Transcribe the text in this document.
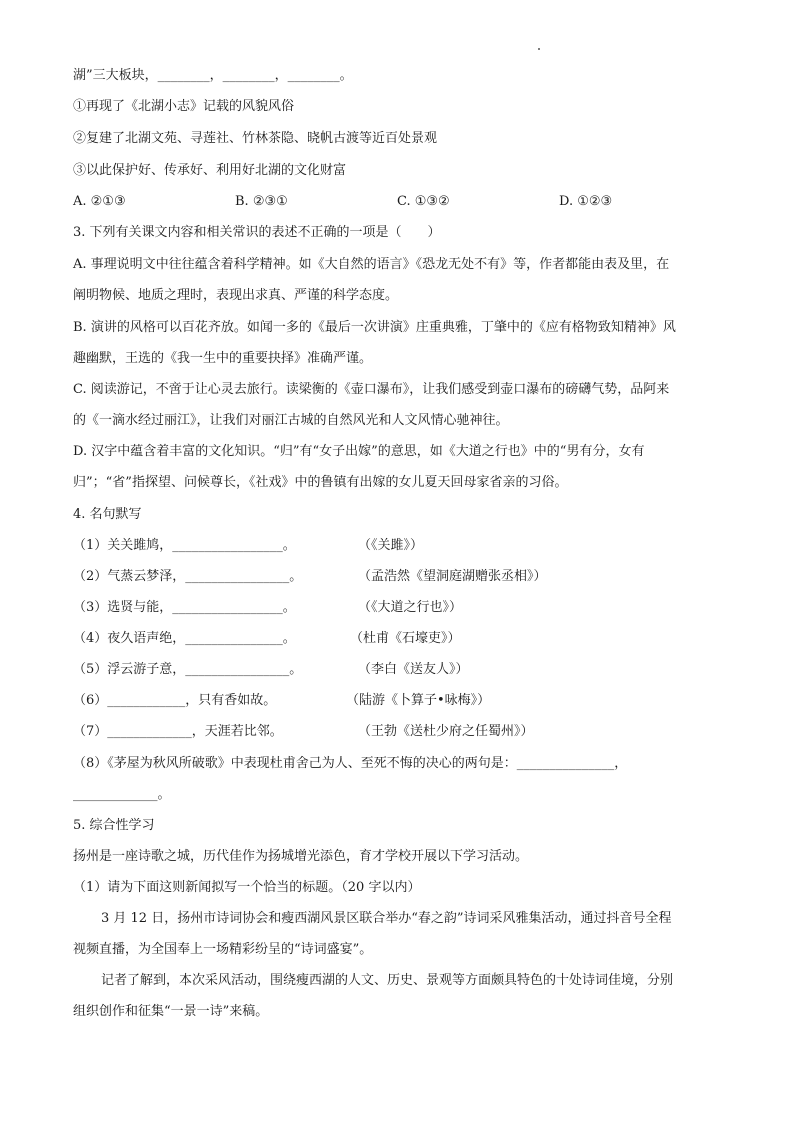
湖”三大板块，________，________，________。
①再现了《北湖小志》记载的风貌风俗
②复建了北湖文苑、寻莲社、竹林茶隐、晓帆古渡等近百处景观
③以此保护好、传承好、利用好北湖的文化财富
A. ②①③	B. ②③①	C. ①③②	D. ①②③
3. 下列有关课文内容和相关常识的表述不正确的一项是（　　）
A. 事理说明文中往往蕴含着科学精神。如《大自然的语言》《恐龙无处不有》等，作者都能由表及里，在
阐明物候、地质之理时，表现出求真、严谨的科学态度。
B. 演讲的风格可以百花齐放。如闻一多的《最后一次讲演》庄重典雅，丁肇中的《应有格物致知精神》风
趣幽默，王选的《我一生中的重要抉择》准确严谨。
C. 阅读游记，不啻于让心灵去旅行。读梁衡的《壶口瀑布》，让我们感受到壶口瀑布的磅礴气势，品阿来
的《一滴水经过丽江》，让我们对丽江古城的自然风光和人文风情心驰神往。
D. 汉字中蕴含着丰富的文化知识。“归”有“女子出嫁”的意思，如《大道之行也》中的“男有分，女有
归”；“省”指探望、问候尊长，《社戏》中的鲁镇有出嫁的女儿夏天回母家省亲的习俗。
4. 名句默写
（1）关关雎鸠，_________________。	（《关雎》）
（2）气蒸云梦泽，________________。	（孟浩然《望洞庭湖赠张丞相》）
（3）选贤与能，_________________。	（《大道之行也》）
（4）夜久语声绝，_______________。	（杜甫《石壕吏》）
（5）浮云游子意，________________。	（李白《送友人》）
（6）____________，只有香如故。	（陆游《卜算子•咏梅》）
（7）_____________，天涯若比邻。	（王勃《送杜少府之任蜀州》）
（8）《茅屋为秋风所破歌》中表现杜甫舍己为人、至死不悔的决心的两句是：_______________，
_____________。
5. 综合性学习
扬州是一座诗歌之城，历代佳作为扬城增光添色，育才学校开展以下学习活动。
（1）请为下面这则新闻拟写一个恰当的标题。（20 字以内）
3 月 12 日，扬州市诗词协会和瘦西湖风景区联合举办“春之韵”诗词采风雅集活动，通过抖音号全程
视频直播，为全国奉上一场精彩纷呈的“诗词盛宴”。
记者了解到，本次采风活动，围绕瘦西湖的人文、历史、景观等方面颇具特色的十处诗词佳境，分别
组织创作和征集“一景一诗”来稿。
